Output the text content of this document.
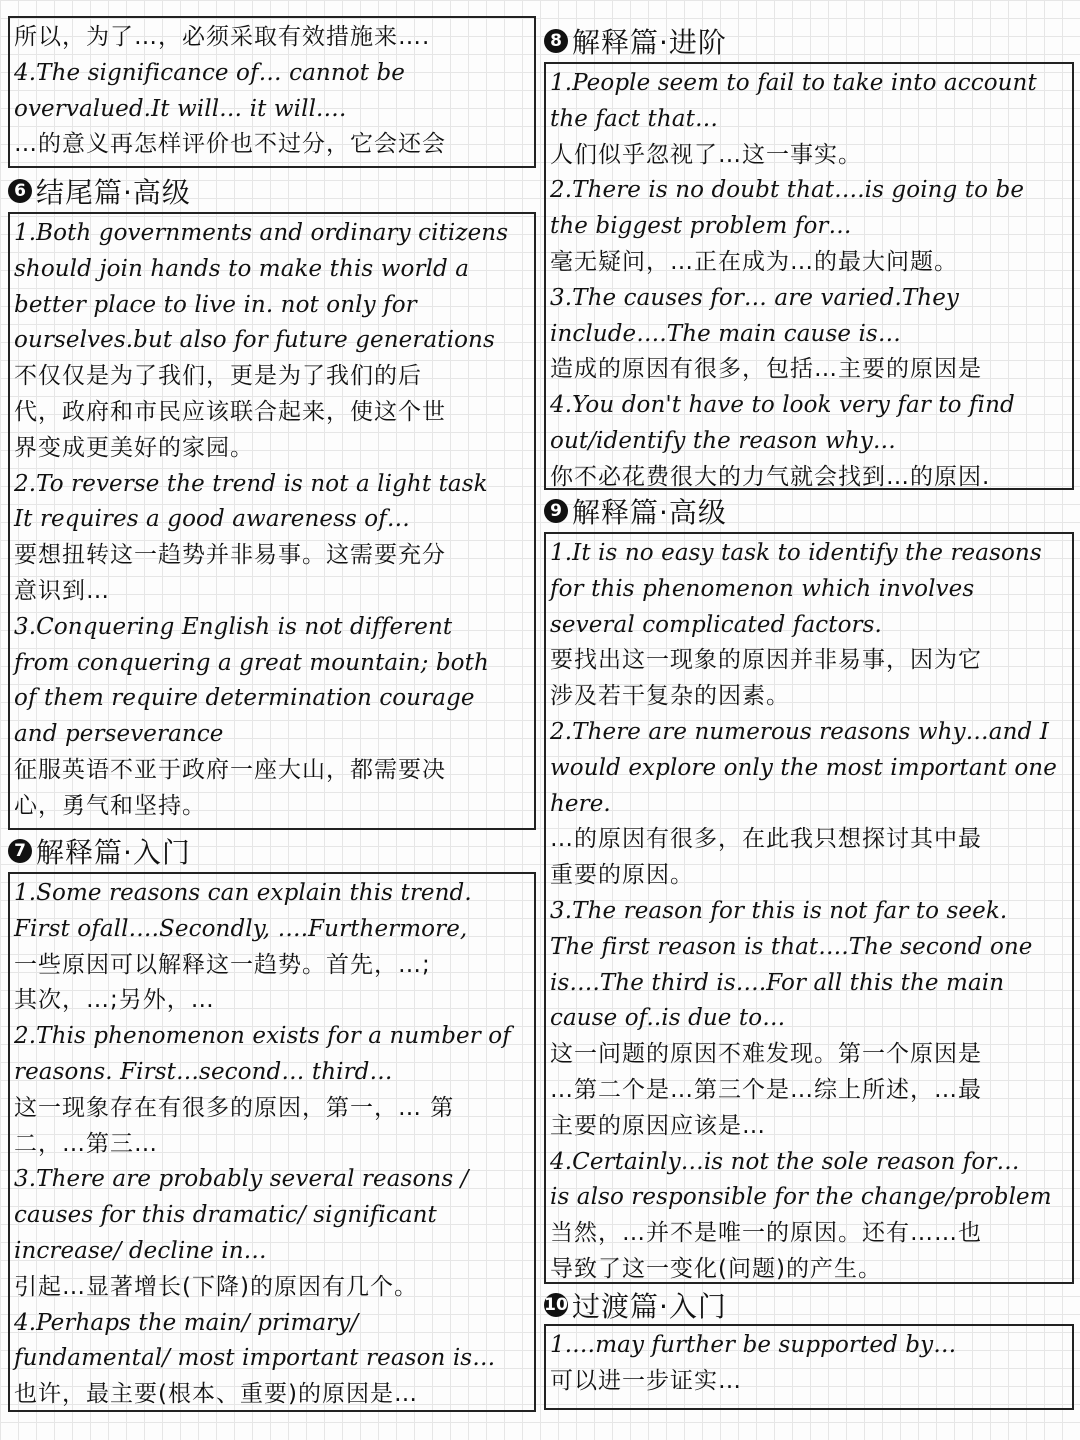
所以，为了…，必须采取有效措施来….
4.The significance of… cannot be
overvalued.It will… it will.…
…的意义再怎样评价也不过分，它会还会
6 结尾篇·高级
1.Both governments and ordinary citizens
should join hands to make this world a
better place to live in. not only for
ourselves.but also for future generations
不仅仅是为了我们，更是为了我们的后
代，政府和市民应该联合起来，使这个世
界变成更美好的家园。
2.To reverse the trend is not a light task
It requires a good awareness of…
要想扭转这一趋势并非易事。这需要充分
意识到…
3.Conquering English is not different
from conquering a great mountain; both
of them require determination courage
and perseverance
征服英语不亚于政府一座大山，都需要决
心，勇气和坚持。
7 解释篇·入门
1.Some reasons can explain this trend.
First ofall….Secondly, ….Furthermore,
一些原因可以解释这一趋势。首先，…;
其次，…;另外，…
2.This phenomenon exists for a number of
reasons. First…second… third…
这一现象存在有很多的原因，第一，… 第
二，…第三…
3.There are probably several reasons /
causes for this dramatic/ significant
increase/ decline in…
引起…显著增长(下降)的原因有几个。
4.Perhaps the main/ primary/
fundamental/ most important reason is…
也许，最主要(根本、重要)的原因是…
8 解释篇·进阶
1.People seem to fail to take into account
the fact that…
人们似乎忽视了…这一事实。
2.There is no doubt that….is going to be
the biggest problem for…
毫无疑问，…正在成为…的最大问题。
3.The causes for… are varied.They
include….The main cause is…
造成的原因有很多，包括…主要的原因是
4.You don't have to look very far to find
out/identify the reason why…
你不必花费很大的力气就会找到…的原因.
9 解释篇·高级
1.It is no easy task to identify the reasons
for this phenomenon which involves
several complicated factors.
要找出这一现象的原因并非易事，因为它
涉及若干复杂的因素。
2.There are numerous reasons why…and I
would explore only the most important one
here.
…的原因有很多，在此我只想探讨其中最
重要的原因。
3.The reason for this is not far to seek.
The first reason is that….The second one
is….The third is….For all this the main
cause of..is due to…
这一问题的原因不难发现。第一个原因是
…第二个是…第三个是…综上所述，…最
主要的原因应该是…
4.Certainly…is not the sole reason for…
is also responsible for the change/problem
当然，…并不是唯一的原因。还有……也
导致了这一变化(问题)的产生。
10 过渡篇·入门
1.…may further be supported by…
可以进一步证实…
